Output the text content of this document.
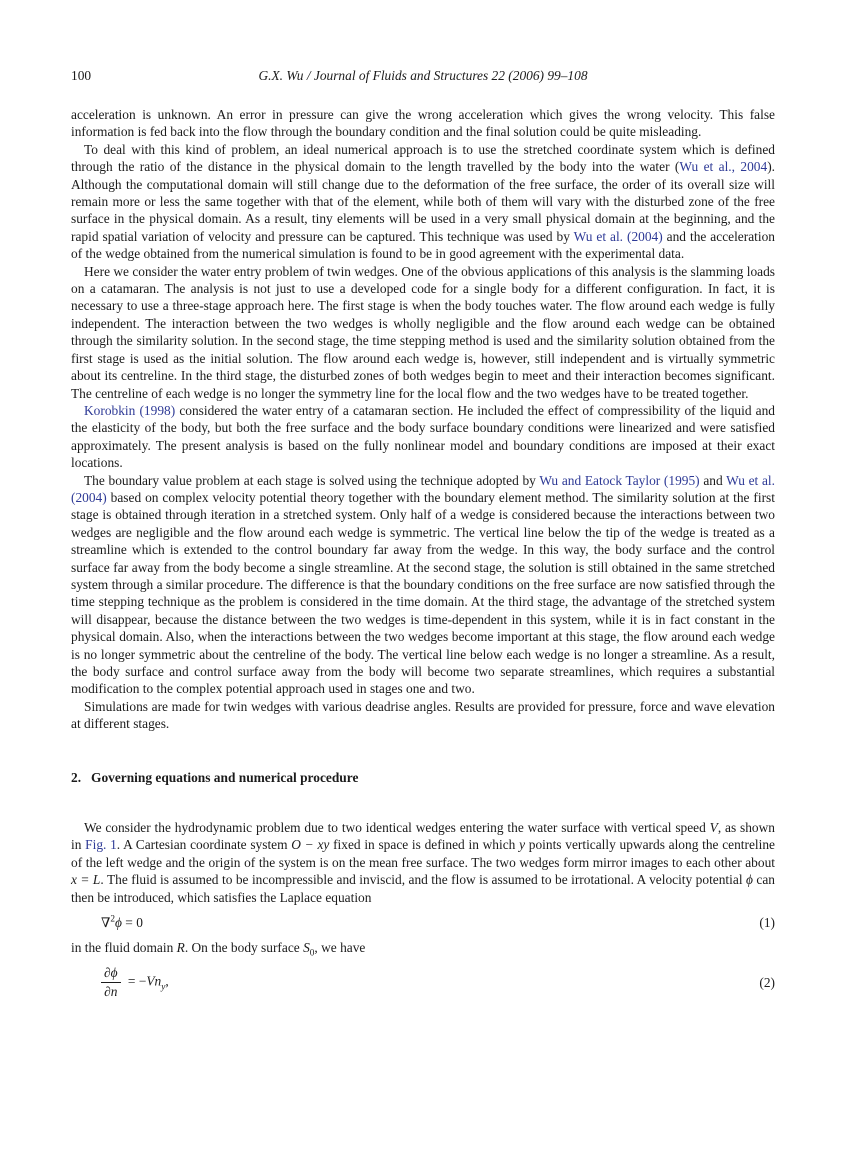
100	G.X. Wu / Journal of Fluids and Structures 22 (2006) 99–108

acceleration is unknown. An error in pressure can give the wrong acceleration which gives the wrong velocity. This false information is fed back into the flow through the boundary condition and the final solution could be quite misleading.

To deal with this kind of problem, an ideal numerical approach is to use the stretched coordinate system which is defined through the ratio of the distance in the physical domain to the length travelled by the body into the water (Wu et al., 2004). Although the computational domain will still change due to the deformation of the free surface, the order of its overall size will remain more or less the same together with that of the element, while both of them will vary with the disturbed zone of the free surface in the physical domain. As a result, tiny elements will be used in a very small physical domain at the beginning, and the rapid spatial variation of velocity and pressure can be captured. This technique was used by Wu et al. (2004) and the acceleration of the wedge obtained from the numerical simulation is found to be in good agreement with the experimental data.

Here we consider the water entry problem of twin wedges. One of the obvious applications of this analysis is the slamming loads on a catamaran. The analysis is not just to use a developed code for a single body for a different configuration. In fact, it is necessary to use a three-stage approach here. The first stage is when the body touches water. The flow around each wedge is fully independent. The interaction between the two wedges is wholly negligible and the flow around each wedge can be obtained through the similarity solution. In the second stage, the time stepping method is used and the similarity solution obtained from the first stage is used as the initial solution. The flow around each wedge is, however, still independent and is virtually symmetric about its centreline. In the third stage, the disturbed zones of both wedges begin to meet and their interaction becomes significant. The centreline of each wedge is no longer the symmetry line for the local flow and the two wedges have to be treated together.

Korobkin (1998) considered the water entry of a catamaran section. He included the effect of compressibility of the liquid and the elasticity of the body, but both the free surface and the body surface boundary conditions were linearized and were satisfied approximately. The present analysis is based on the fully nonlinear model and boundary conditions are imposed at their exact locations.

The boundary value problem at each stage is solved using the technique adopted by Wu and Eatock Taylor (1995) and Wu et al. (2004) based on complex velocity potential theory together with the boundary element method. The similarity solution at the first stage is obtained through iteration in a stretched system. Only half of a wedge is considered because the interactions between two wedges are negligible and the flow around each wedge is symmetric. The vertical line below the tip of the wedge is treated as a streamline which is extended to the control boundary far away from the wedge. In this way, the body surface and the control surface far away from the body become a single streamline. At the second stage, the solution is still obtained in the same stretched system through a similar procedure. The difference is that the boundary conditions on the free surface are now satisfied through the time stepping technique as the problem is considered in the time domain. At the third stage, the advantage of the stretched system will disappear, because the distance between the two wedges is time-dependent in this system, while it is in fact constant in the physical domain. Also, when the interactions between the two wedges become important at this stage, the flow around each wedge is no longer symmetric about the centreline of the body. The vertical line below each wedge is no longer a streamline. As a result, the body surface and control surface away from the body will become two separate streamlines, which requires a substantial modification to the complex potential approach used in stages one and two.

Simulations are made for twin wedges with various deadrise angles. Results are provided for pressure, force and wave elevation at different stages.

2. Governing equations and numerical procedure

We consider the hydrodynamic problem due to two identical wedges entering the water surface with vertical speed V, as shown in Fig. 1. A Cartesian coordinate system O − xy fixed in space is defined in which y points vertically upwards along the centreline of the left wedge and the origin of the system is on the mean free surface. The two wedges form mirror images to each other about x = L. The fluid is assumed to be incompressible and inviscid, and the flow is assumed to be irrotational. A velocity potential ϕ can then be introduced, which satisfies the Laplace equation

∇$^2$ϕ = 0	(1)

in the fluid domain R. On the body surface $S_0$, we have

$\frac{\partial\phi}{\partial n} = -Vn_y$,	(2)
